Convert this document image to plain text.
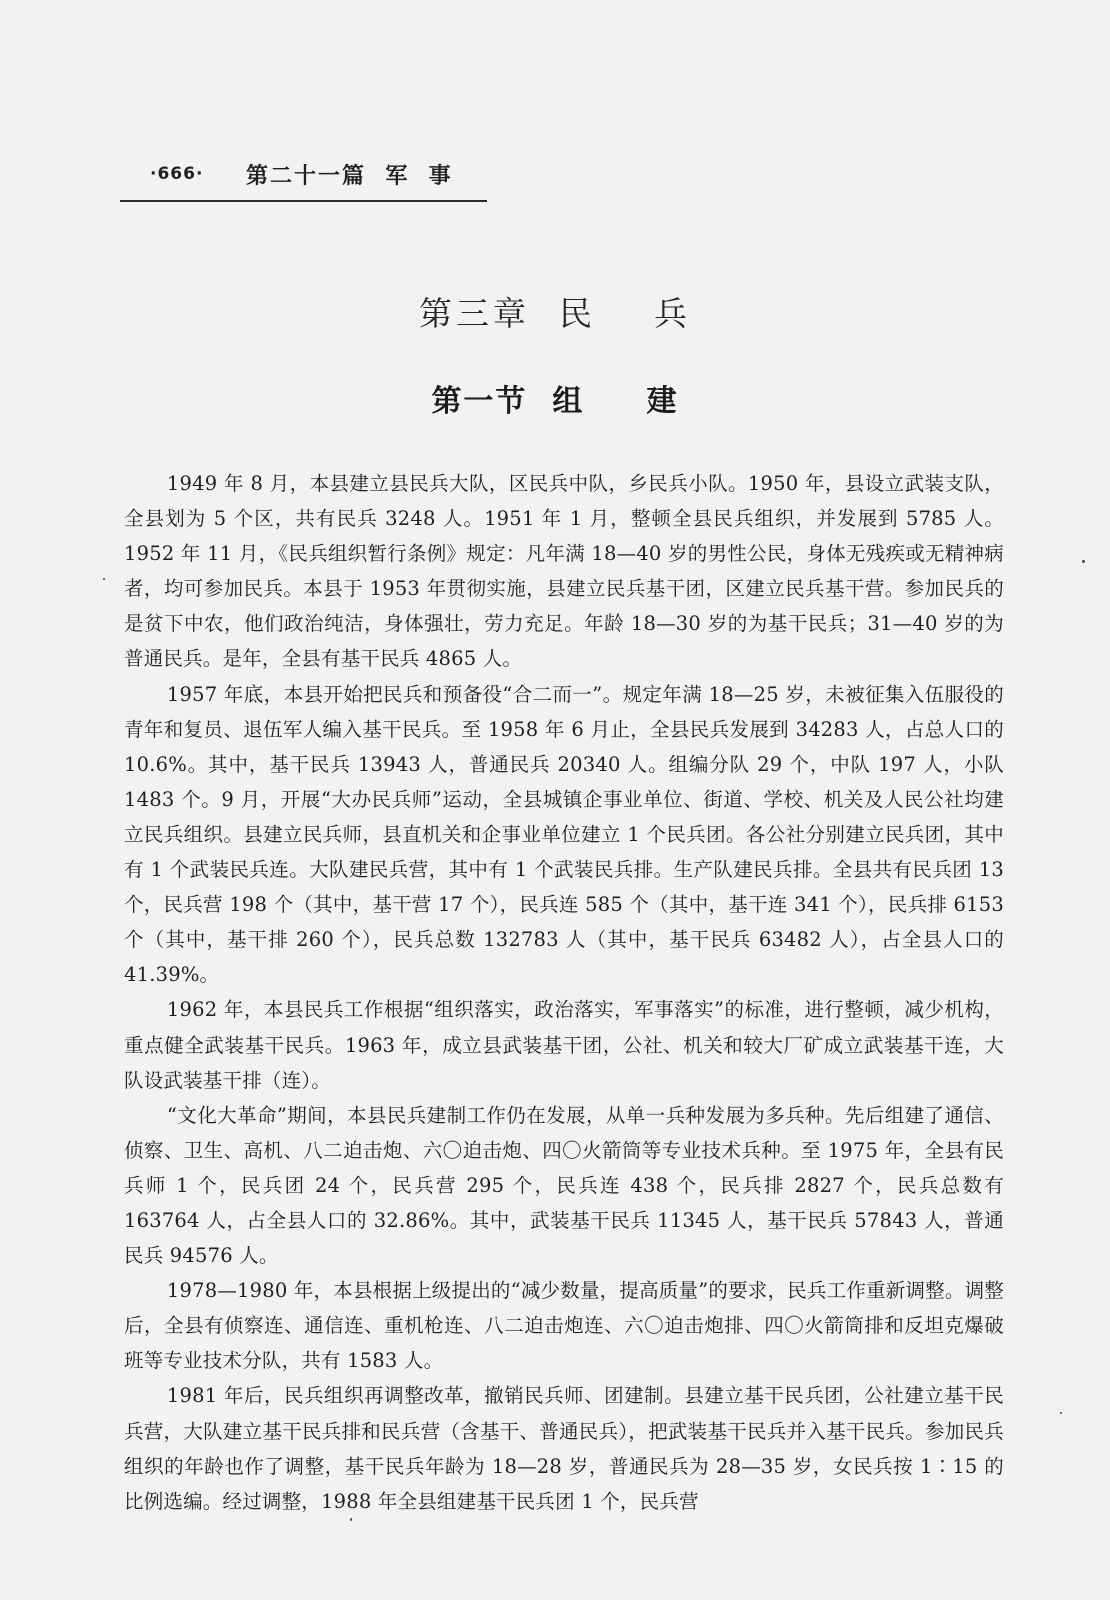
·666· 第二十一篇  军  事
第三章  民    兵
第一节  组     建

1949 年 8 月，本县建立县民兵大队，区民兵中队，乡民兵小队。1950 年，县设立武装支队，全县划为 5 个区，共有民兵 3248 人。1951 年 1 月，整顿全县民兵组织，并发展到 5785 人。1952 年 11 月，《民兵组织暂行条例》规定：凡年满 18—40 岁的男性公民，身体无残疾或无精神病者，均可参加民兵。本县于 1953 年贯彻实施，县建立民兵基干团，区建立民兵基干营。参加民兵的是贫下中农，他们政治纯洁，身体强壮，劳力充足。年龄 18—30 岁的为基干民兵；31—40 岁的为普通民兵。是年，全县有基干民兵 4865 人。

1957 年底，本县开始把民兵和预备役“合二而一”。规定年满 18—25 岁，未被征集入伍服役的青年和复员、退伍军人编入基干民兵。至 1958 年 6 月止，全县民兵发展到 34283 人，占总人口的 10.6%。其中，基干民兵 13943 人，普通民兵 20340 人。组编分队 29 个，中队 197 人，小队 1483 个。9 月，开展“大办民兵师”运动，全县城镇企事业单位、街道、学校、机关及人民公社均建立民兵组织。县建立民兵师，县直机关和企事业单位建立 1 个民兵团。各公社分别建立民兵团，其中有 1 个武装民兵连。大队建民兵营，其中有 1 个武装民兵排。生产队建民兵排。全县共有民兵团 13 个，民兵营 198 个（其中，基干营 17 个），民兵连 585 个（其中，基干连 341 个），民兵排 6153 个（其中，基干排 260 个），民兵总数 132783 人（其中，基干民兵 63482 人），占全县人口的 41.39%。

1962 年，本县民兵工作根据“组织落实，政治落实，军事落实”的标准，进行整顿，减少机构，重点健全武装基干民兵。1963 年，成立县武装基干团，公社、机关和较大厂矿成立武装基干连，大队设武装基干排（连）。

“文化大革命”期间，本县民兵建制工作仍在发展，从单一兵种发展为多兵种。先后组建了通信、侦察、卫生、高机、八二迫击炮、六〇迫击炮、四〇火箭筒等专业技术兵种。至 1975 年，全县有民兵师 1 个，民兵团 24 个，民兵营 295 个，民兵连 438 个，民兵排 2827 个，民兵总数有 163764 人，占全县人口的 32.86%。其中，武装基干民兵 11345 人，基干民兵 57843 人，普通民兵 94576 人。

1978—1980 年，本县根据上级提出的“减少数量，提高质量”的要求，民兵工作重新调整。调整后，全县有侦察连、通信连、重机枪连、八二迫击炮连、六〇迫击炮排、四〇火箭筒排和反坦克爆破班等专业技术分队，共有 1583 人。

1981 年后，民兵组织再调整改革，撤销民兵师、团建制。县建立基干民兵团，公社建立基干民兵营，大队建立基干民兵排和民兵营（含基干、普通民兵），把武装基干民兵并入基干民兵。参加民兵组织的年龄也作了调整，基干民兵年龄为 18—28 岁，普通民兵为 28—35 岁，女民兵按 1∶15 的比例选编。经过调整，1988 年全县组建基干民兵团 1 个，民兵营
